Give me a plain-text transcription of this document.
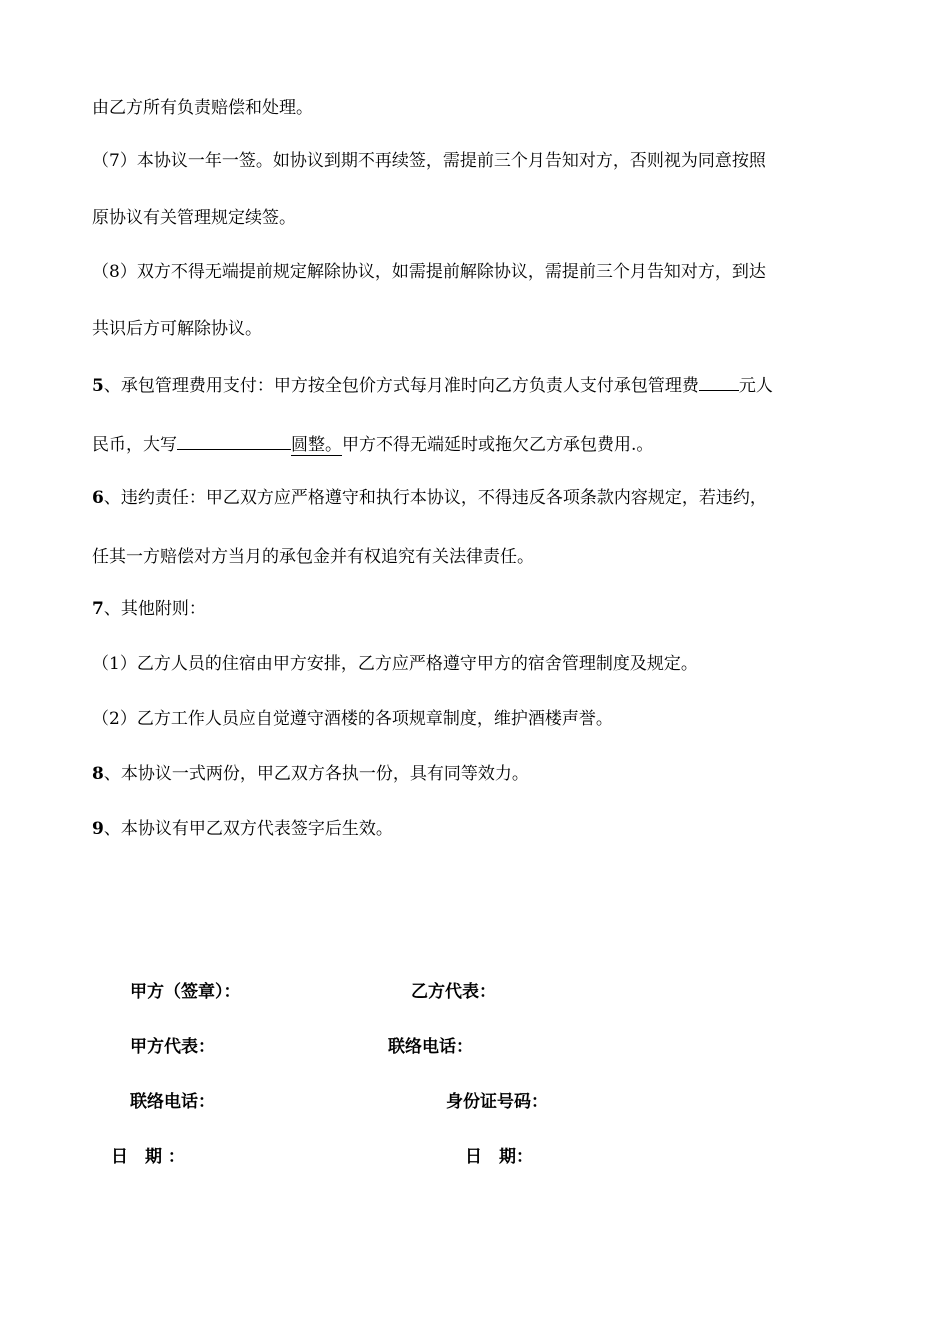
由乙方所有负责赔偿和处理。
（7）本协议一年一签。如协议到期不再续签，需提前三个月告知对方，否则视为同意按照
原协议有关管理规定续签。
（8）双方不得无端提前规定解除协议，如需提前解除协议，需提前三个月告知对方，到达
共识后方可解除协议。
5、承包管理费用支付：甲方按全包价方式每月准时向乙方负责人支付承包管理费 元人
民币，大写	圆整。甲方不得无端延时或拖欠乙方承包费用.。
6、违约责任：甲乙双方应严格遵守和执行本协议，不得违反各项条款内容规定，若违约，
任其一方赔偿对方当月的承包金并有权追究有关法律责任。
7、其他附则：
（1）乙方人员的住宿由甲方安排，乙方应严格遵守甲方的宿舍管理制度及规定。
（2）乙方工作人员应自觉遵守酒楼的各项规章制度，维护酒楼声誉。
8、本协议一式两份，甲乙双方各执一份，具有同等效力。
9、本协议有甲乙双方代表签字后生效。
甲方（签章）：	乙方代表：
甲方代表：	联络电话：
联络电话：	身份证号码：
日　期 ：	日　期：
